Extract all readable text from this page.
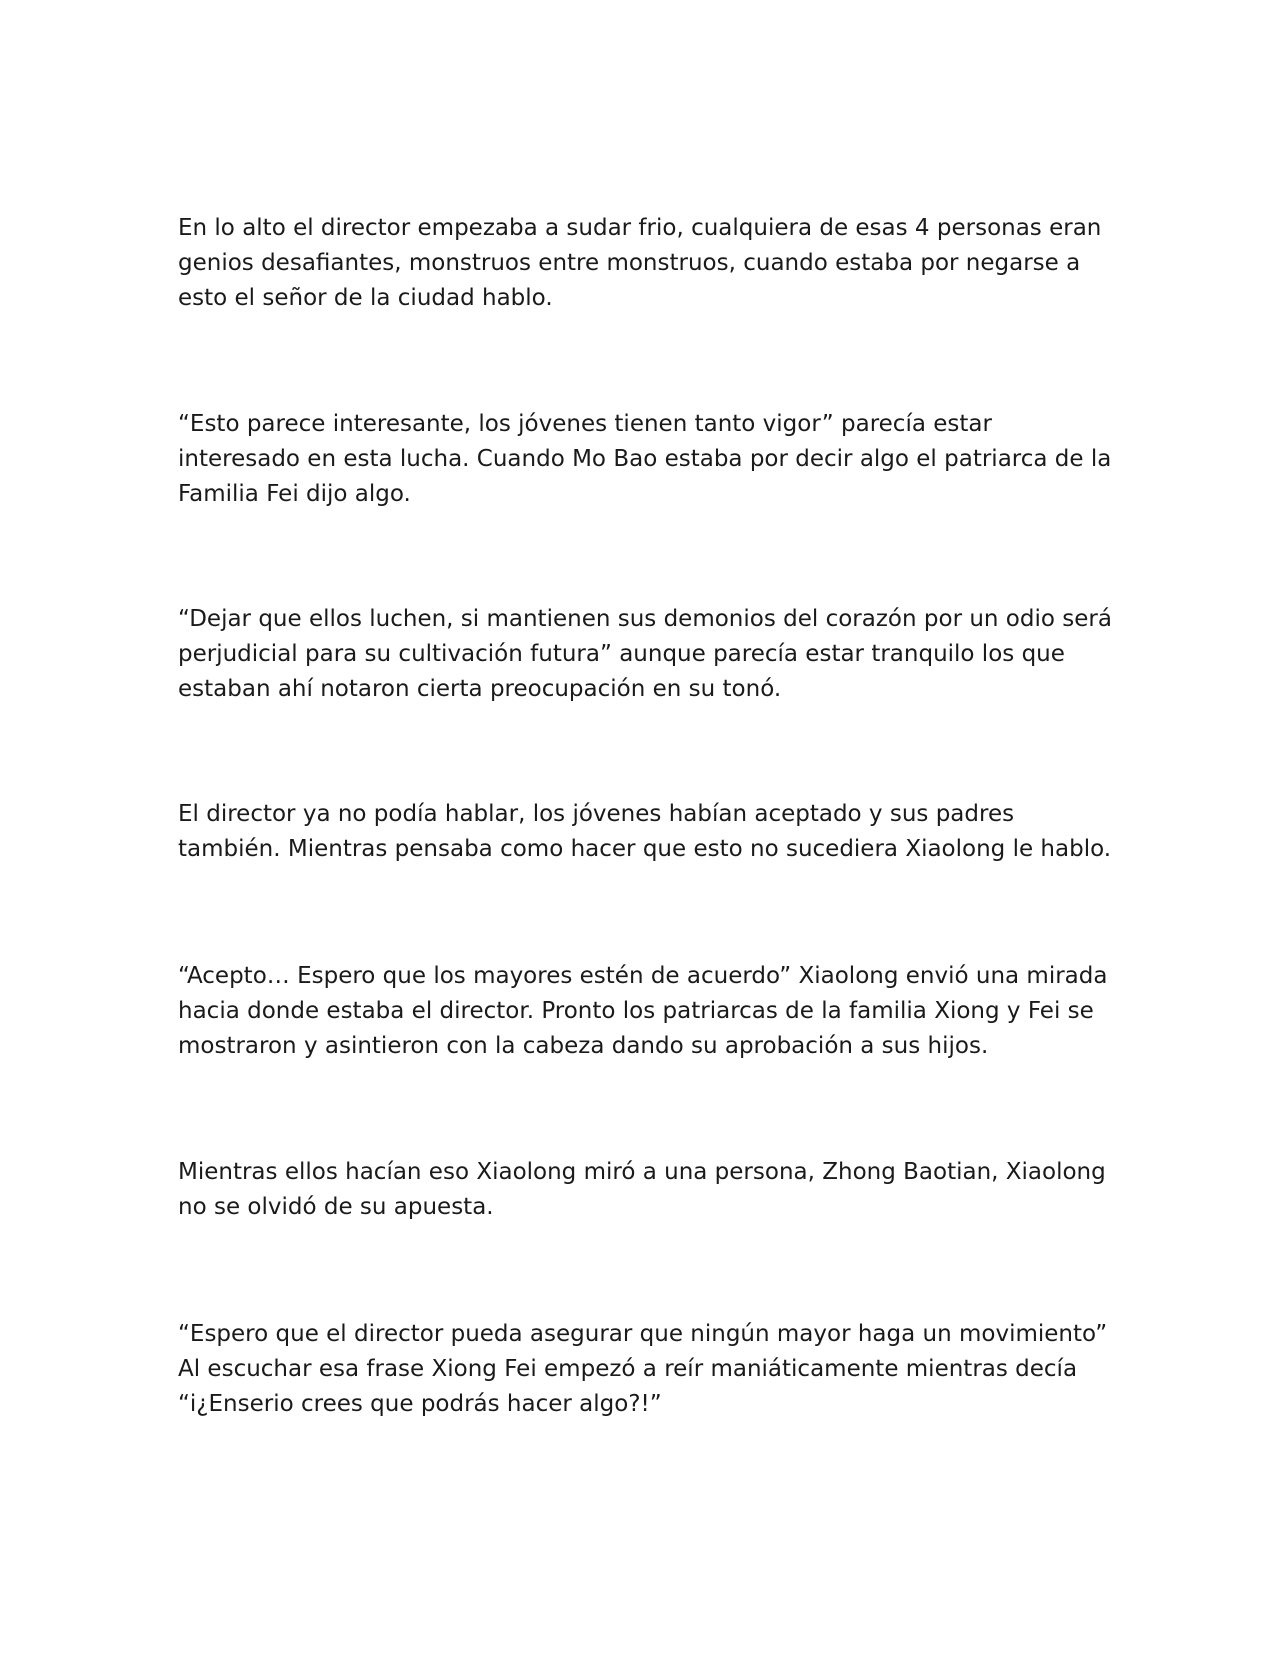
En lo alto el director empezaba a sudar frio, cualquiera de esas 4 personas eran genios desafiantes, monstruos entre monstruos, cuando estaba por negarse a esto el señor de la ciudad hablo.

“Esto parece interesante, los jóvenes tienen tanto vigor” parecía estar interesado en esta lucha. Cuando Mo Bao estaba por decir algo el patriarca de la Familia Fei dijo algo.

“Dejar que ellos luchen, si mantienen sus demonios del corazón por un odio será perjudicial para su cultivación futura” aunque parecía estar tranquilo los que estaban ahí notaron cierta preocupación en su tonó.

El director ya no podía hablar, los jóvenes habían aceptado y sus padres también. Mientras pensaba como hacer que esto no sucediera Xiaolong le hablo.

“Acepto… Espero que los mayores estén de acuerdo” Xiaolong envió una mirada hacia donde estaba el director. Pronto los patriarcas de la familia Xiong y Fei se mostraron y asintieron con la cabeza dando su aprobación a sus hijos.

Mientras ellos hacían eso Xiaolong miró a una persona, Zhong Baotian, Xiaolong no se olvidó de su apuesta.

“Espero que el director pueda asegurar que ningún mayor haga un movimiento” Al escuchar esa frase Xiong Fei empezó a reír maniáticamente mientras decía “i¿Enserio crees que podrás hacer algo?!”
